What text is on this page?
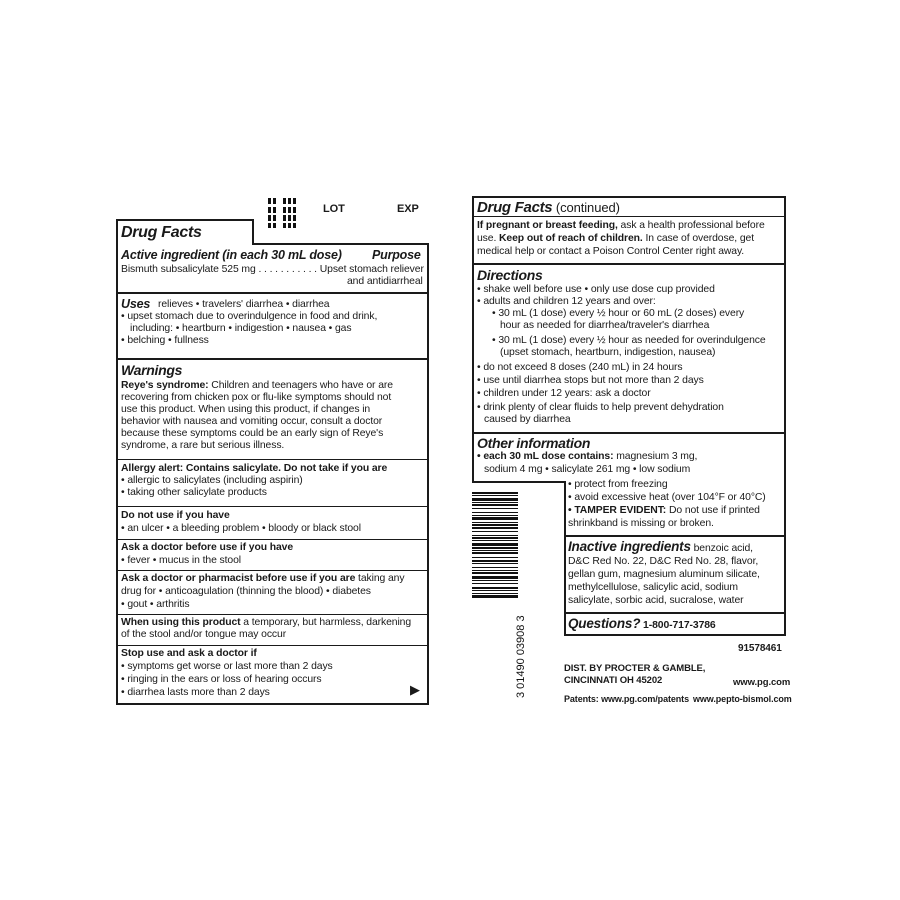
LOT	EXP
Drug Facts
Active ingredient (in each 30 mL dose) Purpose
Bismuth subsalicylate 525 mg . . . . . . . . . . . Upset stomach reliever
and antidiarrheal
Uses relieves • travelers' diarrhea • diarrhea
• upset stomach due to overindulgence in food and drink,
including: • heartburn • indigestion • nausea • gas
• belching • fullness
Warnings
Reye's syndrome: Children and teenagers who have or are
recovering from chicken pox or flu-like symptoms should not
use this product. When using this product, if changes in
behavior with nausea and vomiting occur, consult a doctor
because these symptoms could be an early sign of Reye's
syndrome, a rare but serious illness.
Allergy alert: Contains salicylate. Do not take if you are
• allergic to salicylates (including aspirin)
• taking other salicylate products
Do not use if you have
• an ulcer • a bleeding problem • bloody or black stool
Ask a doctor before use if you have
• fever • mucus in the stool
Ask a doctor or pharmacist before use if you are taking any
drug for • anticoagulation (thinning the blood) • diabetes
• gout • arthritis
When using this product a temporary, but harmless, darkening
of the stool and/or tongue may occur
Stop use and ask a doctor if
• symptoms get worse or last more than 2 days
• ringing in the ears or loss of hearing occurs
• diarrhea lasts more than 2 days	▶
Drug Facts (continued)
If pregnant or breast feeding, ask a health professional before
use. Keep out of reach of children. In case of overdose, get
medical help or contact a Poison Control Center right away.
Directions
• shake well before use • only use dose cup provided
• adults and children 12 years and over:
• 30 mL (1 dose) every ½ hour or 60 mL (2 doses) every
hour as needed for diarrhea/traveler's diarrhea
• 30 mL (1 dose) every ½ hour as needed for overindulgence
(upset stomach, heartburn, indigestion, nausea)
• do not exceed 8 doses (240 mL) in 24 hours
• use until diarrhea stops but not more than 2 days
• children under 12 years: ask a doctor
• drink plenty of clear fluids to help prevent dehydration
caused by diarrhea
Other information
• each 30 mL dose contains: magnesium 3 mg,
sodium 4 mg • salicylate 261 mg • low sodium
• protect from freezing
• avoid excessive heat (over 104°F or 40°C)
• TAMPER EVIDENT: Do not use if printed
shrinkband is missing or broken.
Inactive ingredients benzoic acid,
D&C Red No. 22, D&C Red No. 28, flavor,
gellan gum, magnesium aluminum silicate,
methylcellulose, salicylic acid, sodium
salicylate, sorbic acid, sucralose, water
Questions? 1-800-717-3786
91578461
DIST. BY PROCTER & GAMBLE,
CINCINNATI OH 45202	www.pg.com
Patents: www.pg.com/patents www.pepto-bismol.com
3 01490 03908 3
